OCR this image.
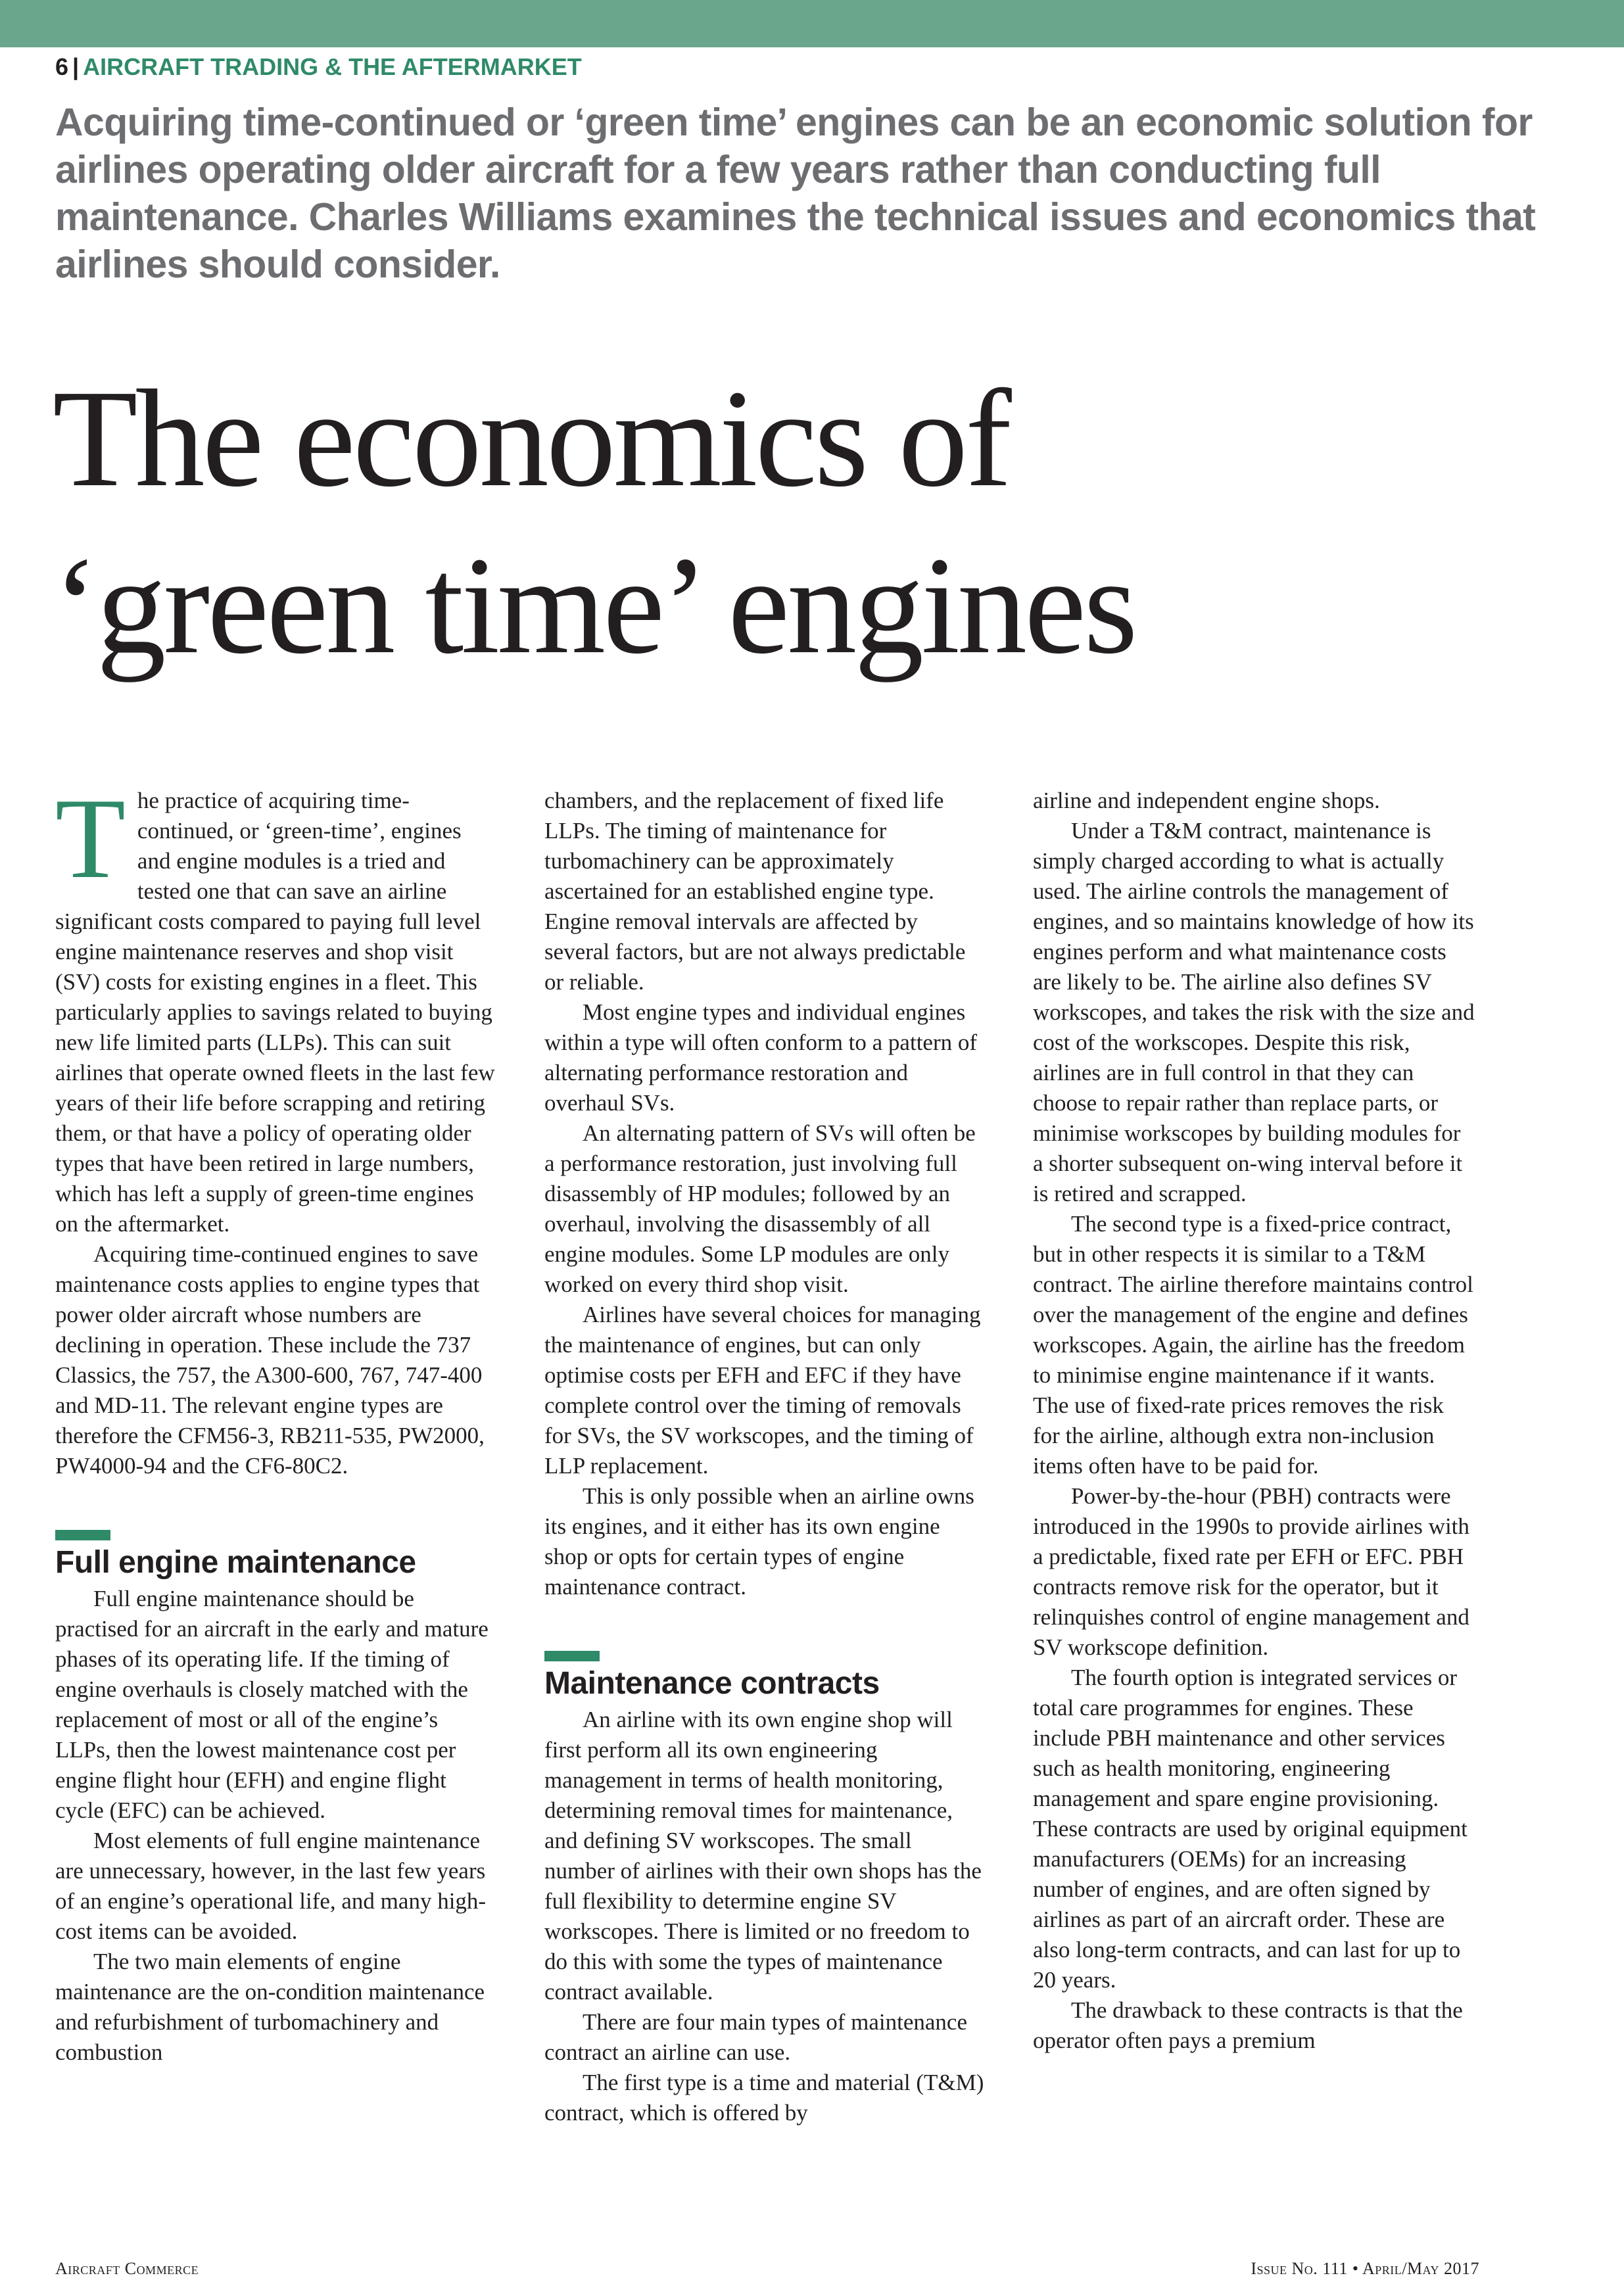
6 | AIRCRAFT TRADING & THE AFTERMARKET

Acquiring time-continued or ‘green time’ engines can be an economic solution for airlines operating older aircraft for a few years rather than conducting full maintenance. Charles Williams examines the technical issues and economics that airlines should consider.

The economics of
‘green time’ engines

The practice of acquiring time-continued, or ‘green-time’, engines and engine modules is a tried and tested one that can save an airline significant costs compared to paying full level engine maintenance reserves and shop visit (SV) costs for existing engines in a fleet. This particularly applies to savings related to buying new life limited parts (LLPs). This can suit airlines that operate owned fleets in the last few years of their life before scrapping and retiring them, or that have a policy of operating older types that have been retired in large numbers, which has left a supply of green-time engines on the aftermarket.

Acquiring time-continued engines to save maintenance costs applies to engine types that power older aircraft whose numbers are declining in operation. These include the 737 Classics, the 757, the A300-600, 767, 747-400 and MD-11. The relevant engine types are therefore the CFM56-3, RB211-535, PW2000, PW4000-94 and the CF6-80C2.

Full engine maintenance

Full engine maintenance should be practised for an aircraft in the early and mature phases of its operating life. If the timing of engine overhauls is closely matched with the replacement of most or all of the engine’s LLPs, then the lowest maintenance cost per engine flight hour (EFH) and engine flight cycle (EFC) can be achieved.

Most elements of full engine maintenance are unnecessary, however, in the last few years of an engine’s operational life, and many high-cost items can be avoided.

The two main elements of engine maintenance are the on-condition maintenance and refurbishment of turbomachinery and combustion

chambers, and the replacement of fixed life LLPs. The timing of maintenance for turbomachinery can be approximately ascertained for an established engine type. Engine removal intervals are affected by several factors, but are not always predictable or reliable.

Most engine types and individual engines within a type will often conform to a pattern of alternating performance restoration and overhaul SVs.

An alternating pattern of SVs will often be a performance restoration, just involving full disassembly of HP modules; followed by an overhaul, involving the disassembly of all engine modules. Some LP modules are only worked on every third shop visit.

Airlines have several choices for managing the maintenance of engines, but can only optimise costs per EFH and EFC if they have complete control over the timing of removals for SVs, the SV workscopes, and the timing of LLP replacement.

This is only possible when an airline owns its engines, and it either has its own engine shop or opts for certain types of engine maintenance contract.

Maintenance contracts

An airline with its own engine shop will first perform all its own engineering management in terms of health monitoring, determining removal times for maintenance, and defining SV workscopes. The small number of airlines with their own shops has the full flexibility to determine engine SV workscopes. There is limited or no freedom to do this with some the types of maintenance contract available.

There are four main types of maintenance contract an airline can use.

The first type is a time and material (T&M) contract, which is offered by

airline and independent engine shops.

Under a T&M contract, maintenance is simply charged according to what is actually used. The airline controls the management of engines, and so maintains knowledge of how its engines perform and what maintenance costs are likely to be. The airline also defines SV workscopes, and takes the risk with the size and cost of the workscopes. Despite this risk, airlines are in full control in that they can choose to repair rather than replace parts, or minimise workscopes by building modules for a shorter subsequent on-wing interval before it is retired and scrapped.

The second type is a fixed-price contract, but in other respects it is similar to a T&M contract. The airline therefore maintains control over the management of the engine and defines workscopes. Again, the airline has the freedom to minimise engine maintenance if it wants. The use of fixed-rate prices removes the risk for the airline, although extra non-inclusion items often have to be paid for.

Power-by-the-hour (PBH) contracts were introduced in the 1990s to provide airlines with a predictable, fixed rate per EFH or EFC. PBH contracts remove risk for the operator, but it relinquishes control of engine management and SV workscope definition.

The fourth option is integrated services or total care programmes for engines. These include PBH maintenance and other services such as health monitoring, engineering management and spare engine provisioning. These contracts are used by original equipment manufacturers (OEMs) for an increasing number of engines, and are often signed by airlines as part of an aircraft order. These are also long-term contracts, and can last for up to 20 years.

The drawback to these contracts is that the operator often pays a premium

Aircraft Commerce	Issue No. 111 • April/May 2017
